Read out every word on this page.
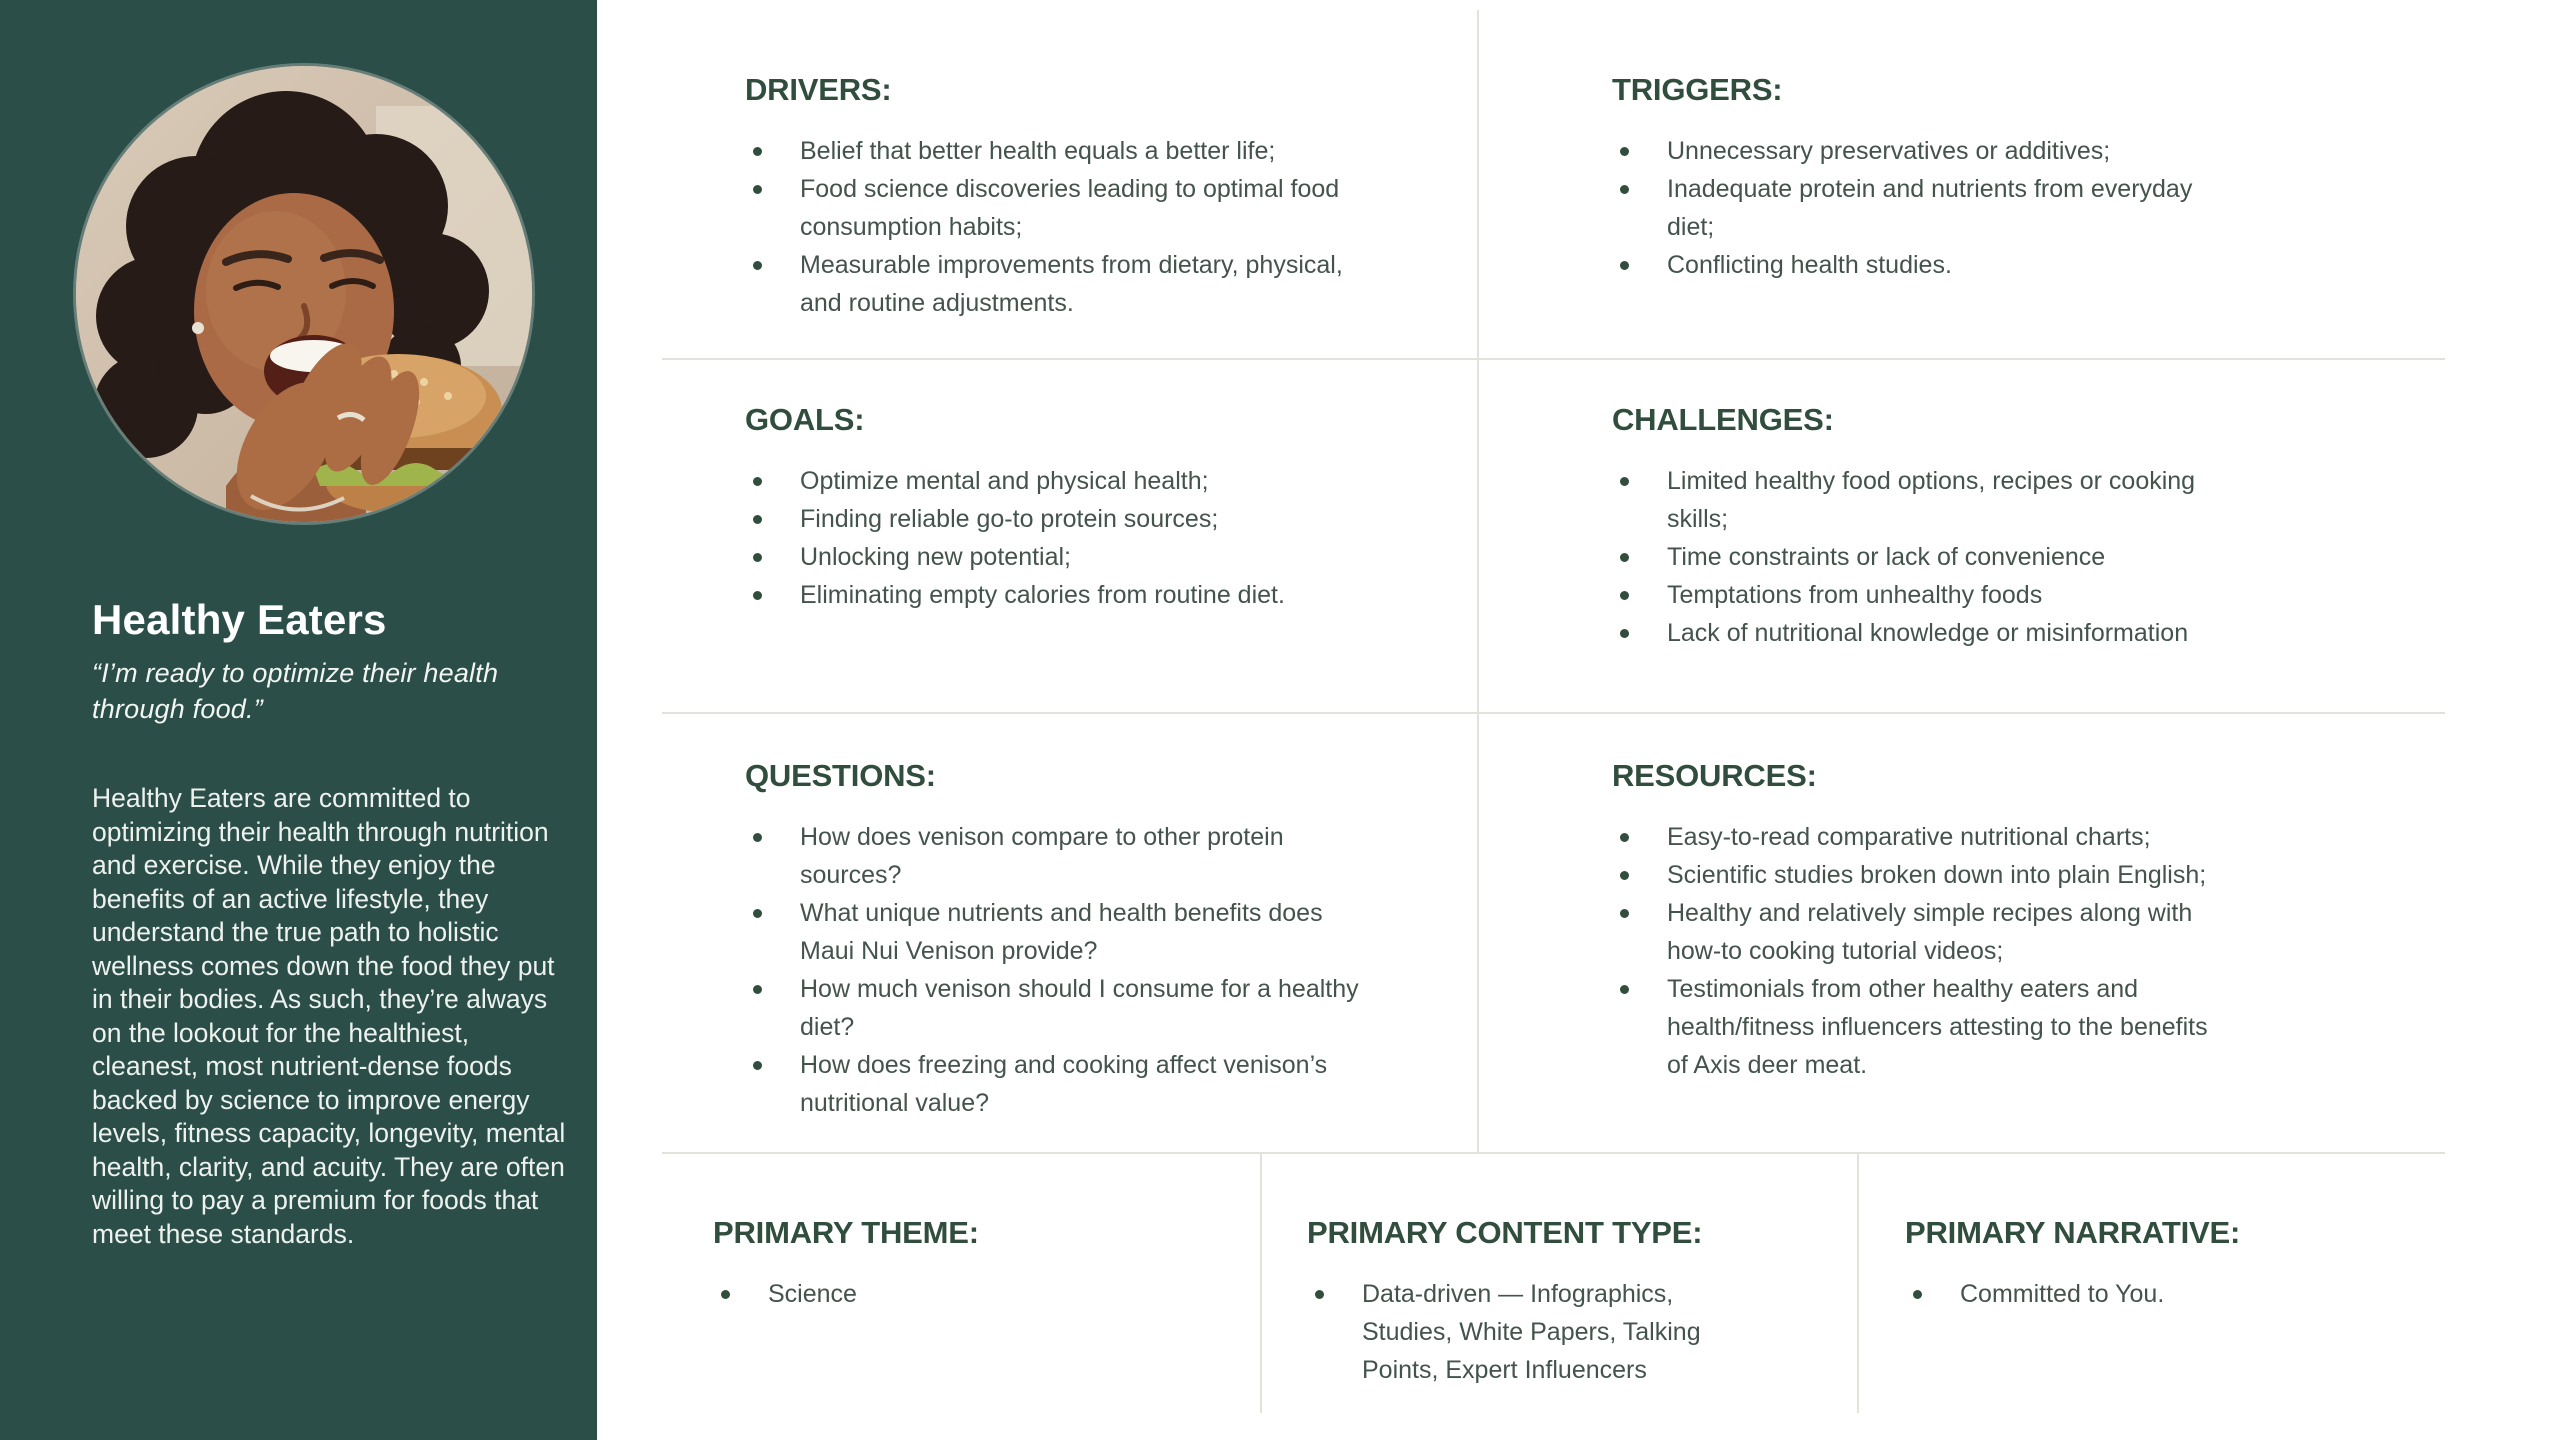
Healthy Eaters

“I’m ready to optimize their health through food.”

Healthy Eaters are committed to optimizing their health through nutrition and exercise. While they enjoy the benefits of an active lifestyle, they understand the true path to holistic wellness comes down the food they put in their bodies. As such, they’re always on the lookout for the healthiest, cleanest, most nutrient-dense foods backed by science to improve energy levels, fitness capacity, longevity, mental health, clarity, and acuity. They are often willing to pay a premium for foods that meet these standards.

DRIVERS:
Belief that better health equals a better life;
Food science discoveries leading to optimal food consumption habits;
Measurable improvements from dietary, physical, and routine adjustments.
TRIGGERS:
Unnecessary preservatives or additives;
Inadequate protein and nutrients from everyday diet;
Conflicting health studies.
GOALS:
Optimize mental and physical health;
Finding reliable go-to protein sources;
Unlocking new potential;
Eliminating empty calories from routine diet.
CHALLENGES:
Limited healthy food options, recipes or cooking skills;
Time constraints or lack of convenience
Temptations from unhealthy foods
Lack of nutritional knowledge or misinformation
QUESTIONS:
How does venison compare to other protein sources?
What unique nutrients and health benefits does Maui Nui Venison provide?
How much venison should I consume for a healthy diet?
How does freezing and cooking affect venison’s nutritional value?
RESOURCES:
Easy-to-read comparative nutritional charts;
Scientific studies broken down into plain English;
Healthy and relatively simple recipes along with how-to cooking tutorial videos;
Testimonials from other healthy eaters and health/fitness influencers attesting to the benefits of Axis deer meat.
PRIMARY THEME:
Science
PRIMARY CONTENT TYPE:
Data-driven — Infographics, Studies, White Papers, Talking Points, Expert Influencers
PRIMARY NARRATIVE:
Committed to You.
